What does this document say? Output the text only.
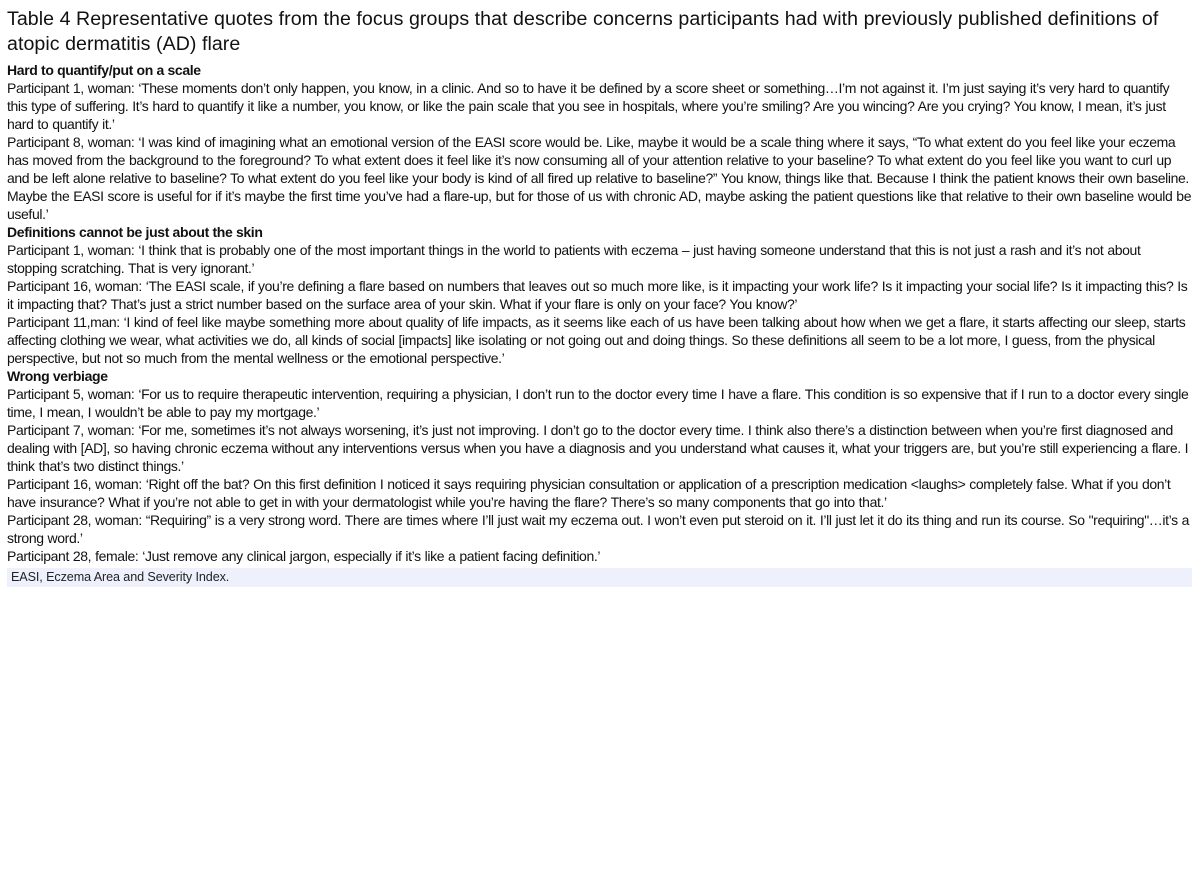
Table 4 Representative quotes from the focus groups that describe concerns participants had with previously published definitions of atopic dermatitis (AD) flare
Hard to quantify/put on a scale
Participant 1, woman: ‘These moments don’t only happen, you know, in a clinic. And so to have it be defined by a score sheet or something…I’m not against it. I’m just saying it’s very hard to quantify this type of suffering. It’s hard to quantify it like a number, you know, or like the pain scale that you see in hospitals, where you’re smiling? Are you wincing? Are you crying? You know, I mean, it’s just hard to quantify it.’
Participant 8, woman: ‘I was kind of imagining what an emotional version of the EASI score would be. Like, maybe it would be a scale thing where it says, “To what extent do you feel like your eczema has moved from the background to the foreground? To what extent does it feel like it’s now consuming all of your attention relative to your baseline? To what extent do you feel like you want to curl up and be left alone relative to baseline? To what extent do you feel like your body is kind of all fired up relative to baseline?” You know, things like that. Because I think the patient knows their own baseline. Maybe the EASI score is useful for if it’s maybe the first time you’ve had a flare-up, but for those of us with chronic AD, maybe asking the patient questions like that relative to their own baseline would be useful.’
Definitions cannot be just about the skin
Participant 1, woman: ‘I think that is probably one of the most important things in the world to patients with eczema – just having someone understand that this is not just a rash and it’s not about stopping scratching. That is very ignorant.’
Participant 16, woman: ‘The EASI scale, if you’re defining a flare based on numbers that leaves out so much more like, is it impacting your work life? Is it impacting your social life? Is it impacting this? Is it impacting that? That’s just a strict number based on the surface area of your skin. What if your flare is only on your face? You know?’
Participant 11,man: ‘I kind of feel like maybe something more about quality of life impacts, as it seems like each of us have been talking about how when we get a flare, it starts affecting our sleep, starts affecting clothing we wear, what activities we do, all kinds of social [impacts] like isolating or not going out and doing things. So these definitions all seem to be a lot more, I guess, from the physical perspective, but not so much from the mental wellness or the emotional perspective.’
Wrong verbiage
Participant 5, woman: ‘For us to require therapeutic intervention, requiring a physician, I don’t run to the doctor every time I have a flare. This condition is so expensive that if I run to a doctor every single time, I mean, I wouldn’t be able to pay my mortgage.’
Participant 7, woman: ‘For me, sometimes it’s not always worsening, it’s just not improving. I don’t go to the doctor every time. I think also there’s a distinction between when you’re first diagnosed and dealing with [AD], so having chronic eczema without any interventions versus when you have a diagnosis and you understand what causes it, what your triggers are, but you’re still experiencing a flare. I think that’s two distinct things.’
Participant 16, woman: ‘Right off the bat? On this first definition I noticed it says requiring physician consultation or application of a prescription medication <laughs> completely false. What if you don’t have insurance? What if you’re not able to get in with your dermatologist while you’re having the flare? There’s so many components that go into that.’
Participant 28, woman: “Requiring” is a very strong word. There are times where I’ll just wait my eczema out. I won’t even put steroid on it. I’ll just let it do its thing and run its course. So "requiring"…it’s a strong word.’
Participant 28, female: ‘Just remove any clinical jargon, especially if it’s like a patient facing definition.’
EASI, Eczema Area and Severity Index.
